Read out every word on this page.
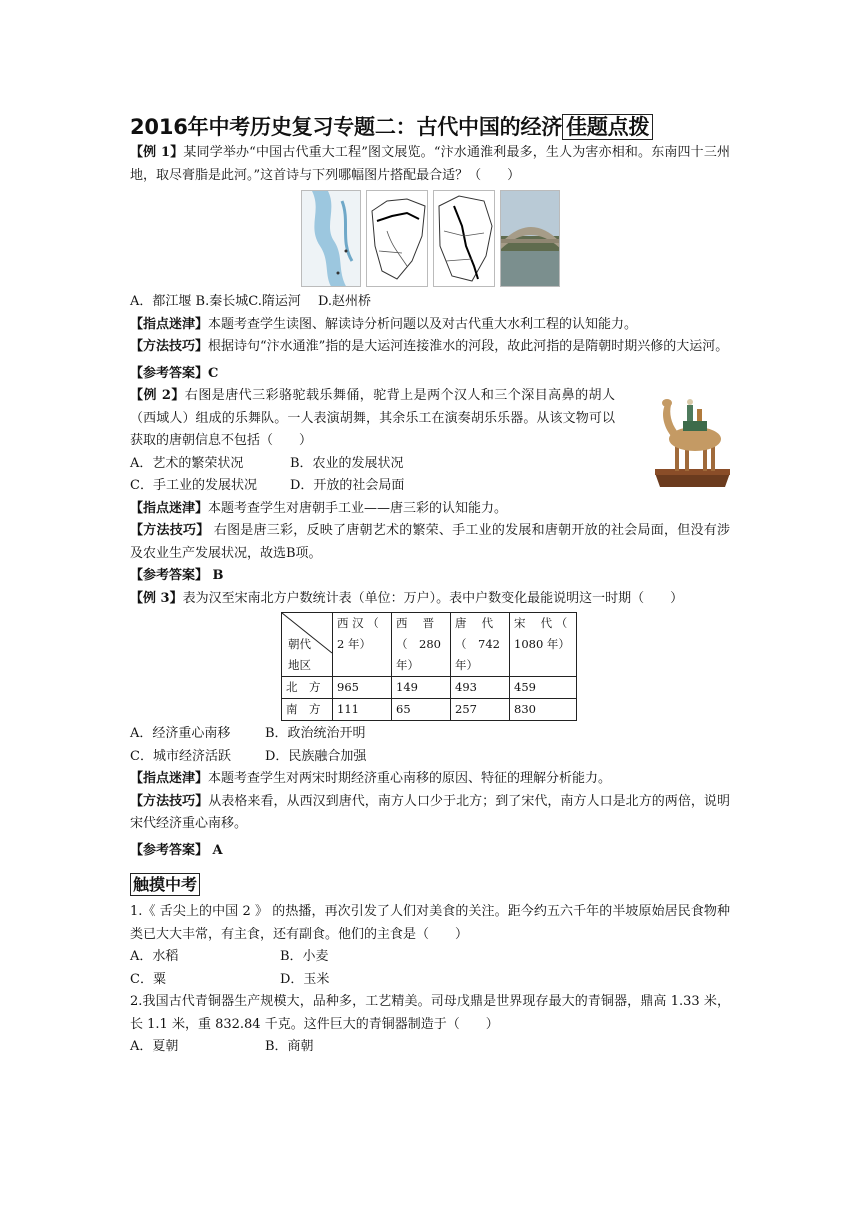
2016年中考历史复习专题二：古代中国的经济 佳题点拨

【例 1】某同学举办“中国古代重大工程”图文展览。“汴水通淮利最多，生人为害亦相和。东南四十三州地，取尽膏脂是此河。”这首诗与下列哪幅图片搭配最合适？（　　）

A．都江堰 B.秦长城C.隋运河　 D.赵州桥

【指点迷津】本题考查学生读图、解读诗分析问题以及对古代重大水利工程的认知能力。

【方法技巧】根据诗句“汴水通淮”指的是大运河连接淮水的河段，故此河指的是隋朝时期兴修的大运河。

【参考答案】C

【例 2】右图是唐代三彩骆驼载乐舞俑，驼背上是两个汉人和三个深目高鼻的胡人（西域人）组成的乐舞队。一人表演胡舞，其余乐工在演奏胡乐乐器。从该文物可以获取的唐朝信息不包括（　　）

A．艺术的繁荣状况	B．农业的发展状况
C．手工业的发展状况	D．开放的社会局面

【指点迷津】本题考查学生对唐朝手工业——唐三彩的认知能力。

【方法技巧】 右图是唐三彩，反映了唐朝艺术的繁荣、手工业的发展和唐朝开放的社会局面，但没有涉及农业生产发展状况，故选B项。

【参考答案】 B

【例 3】表为汉至宋南北方户数统计表（单位：万户）。表中户数变化最能说明这一时期（　　）

朝代
地区	西 汉 （ 2 年）	西　 晋 （　280 年）	唐　 代 （　742 年）	宋　 代 （　1080 年）
北　方	965	149	493	459
南　方	111	65	257	830
A．经济重心南移	B．政治统治开明
C．城市经济活跃	D．民族融合加强

【指点迷津】本题考查学生对两宋时期经济重心南移的原因、特征的理解分析能力。

【方法技巧】从表格来看，从西汉到唐代，南方人口少于北方；到了宋代，南方人口是北方的两倍，说明宋代经济重心南移。

【参考答案】 A

触摸中考

1.《 舌尖上的中国 2 》 的热播，再次引发了人们对美食的关注。距今约五六千年的半坡原始居民食物种类已大大丰常，有主食，还有副食。他们的主食是（　　）

A．水稻	B．小麦
C．粟	D．玉米

2.我国古代青铜器生产规模大，品种多，工艺精美。司母戊鼎是世界现存最大的青铜器，鼎高 1.33 米，长 1.1 米，重 832.84 千克。这件巨大的青铜器制造于（　　）

A．夏朝	B．商朝
